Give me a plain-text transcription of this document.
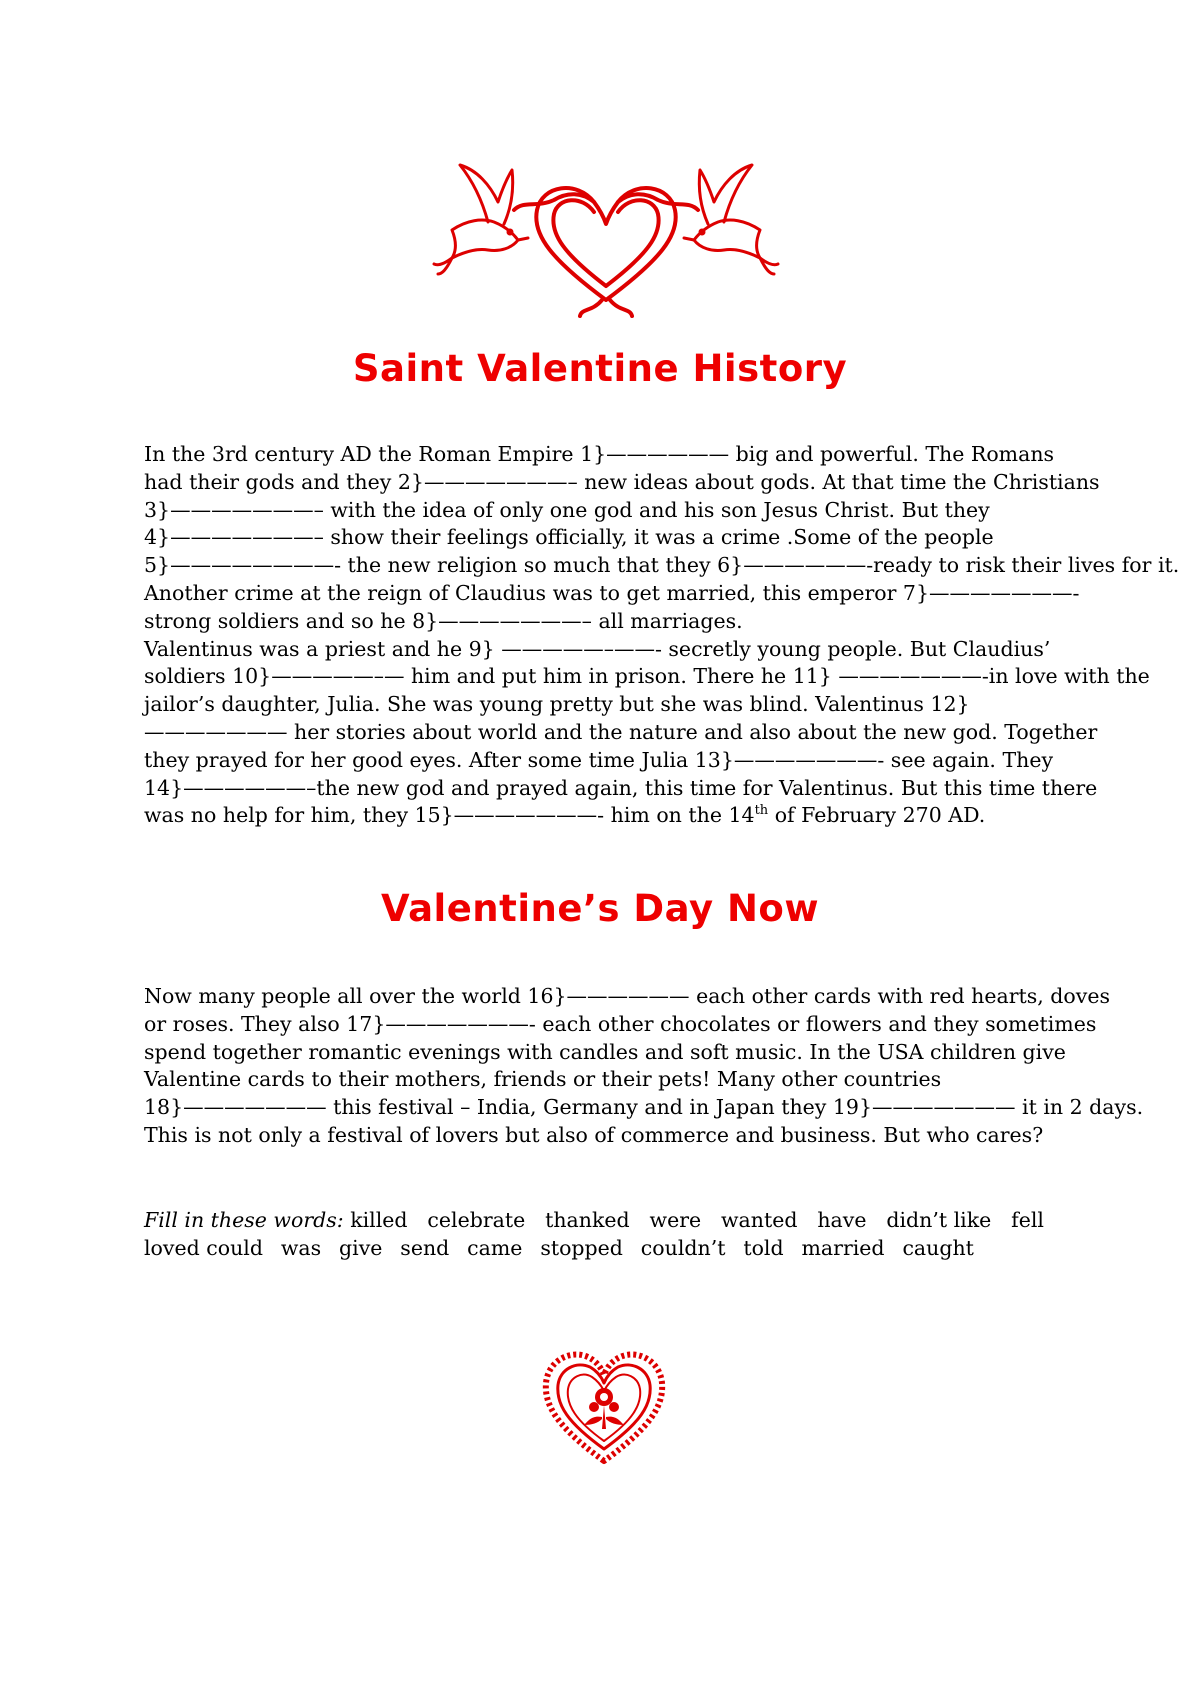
Saint Valentine History
In the 3rd century AD the Roman Empire 1}—————— big and powerful. The Romans
had their gods and they 2}———————– new ideas about gods. At that time the Christians
3}———————– with the idea of only one god and his son Jesus Christ. But they
4}———————– show their feelings officially, it was a crime .Some of the people
5}————————- the new religion so much that they 6}——————-ready to risk their lives for it.
Another crime at the reign of Claudius was to get married, this emperor 7}———————-
strong soldiers and so he 8}———————– all marriages.
Valentinus was a priest and he 9} —————–——- secretly young people. But Claudius’
soldiers 10}—————–— him and put him in prison. There he 11} ———————-in love with the
jailor’s daughter, Julia. She was young pretty but she was blind. Valentinus 12}
——————— her stories about world and the nature and also about the new god. Together
they prayed for her good eyes. After some time Julia 13}———————- see again. They
14}——————–the new god and prayed again, this time for Valentinus. But this time there
was no help for him, they 15}———————- him on the 14th of February 270 AD.
Valentine’s Day Now
Now many people all over the world 16}—————— each other cards with red hearts, doves
or roses. They also 17}———————- each other chocolates or flowers and they sometimes
spend together romantic evenings with candles and soft music. In the USA children give
Valentine cards to their mothers, friends or their pets! Many other countries
18}——————— this festival – India, Germany and in Japan they 19}——————— it in 2 days.
This is not only a festival of lovers but also of commerce and business. But who cares?
Fill in these words: killed celebrate thanked were wanted have didn’t like fell
loved could was give send came stopped couldn’t told married caught
